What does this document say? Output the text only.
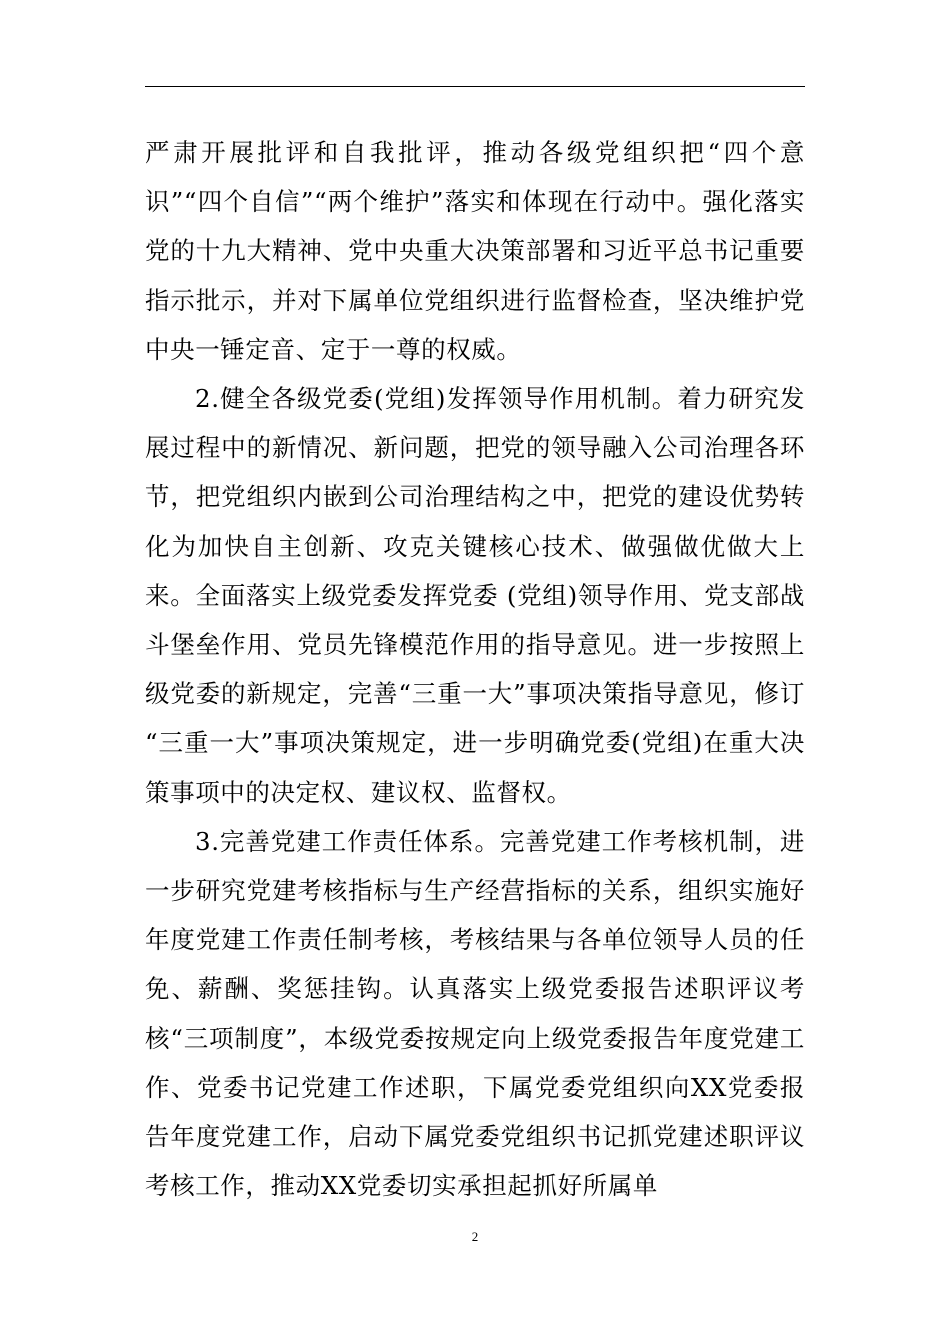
严肃开展批评和自我批评，推动各级党组织把“四个意识”“四个自信”“两个维护”落实和体现在行动中。强化落实党的十九大精神、党中央重大决策部署和习近平总书记重要指示批示，并对下属单位党组织进行监督检查，坚决维护党中央一锤定音、定于一尊的权威。

2.健全各级党委(党组)发挥领导作用机制。着力研究发展过程中的新情况、新问题，把党的领导融入公司治理各环节，把党组织内嵌到公司治理结构之中，把党的建设优势转化为加快自主创新、攻克关键核心技术、做强做优做大上来。全面落实上级党委发挥党委 (党组)领导作用、党支部战斗堡垒作用、党员先锋模范作用的指导意见。进一步按照上级党委的新规定，完善“三重一大”事项决策指导意见，修订 “三重一大”事项决策规定，进一步明确党委(党组)在重大决策事项中的决定权、建议权、监督权。

3.完善党建工作责任体系。完善党建工作考核机制，进一步研究党建考核指标与生产经营指标的关系，组织实施好年度党建工作责任制考核，考核结果与各单位领导人员的任免、薪酬、奖惩挂钩。认真落实上级党委报告述职评议考核“三项制度”，本级党委按规定向上级党委报告年度党建工作、党委书记党建工作述职，下属党委党组织向XX党委报告年度党建工作，启动下属党委党组织书记抓党建述职评议考核工作，推动XX党委切实承担起抓好所属单

2
